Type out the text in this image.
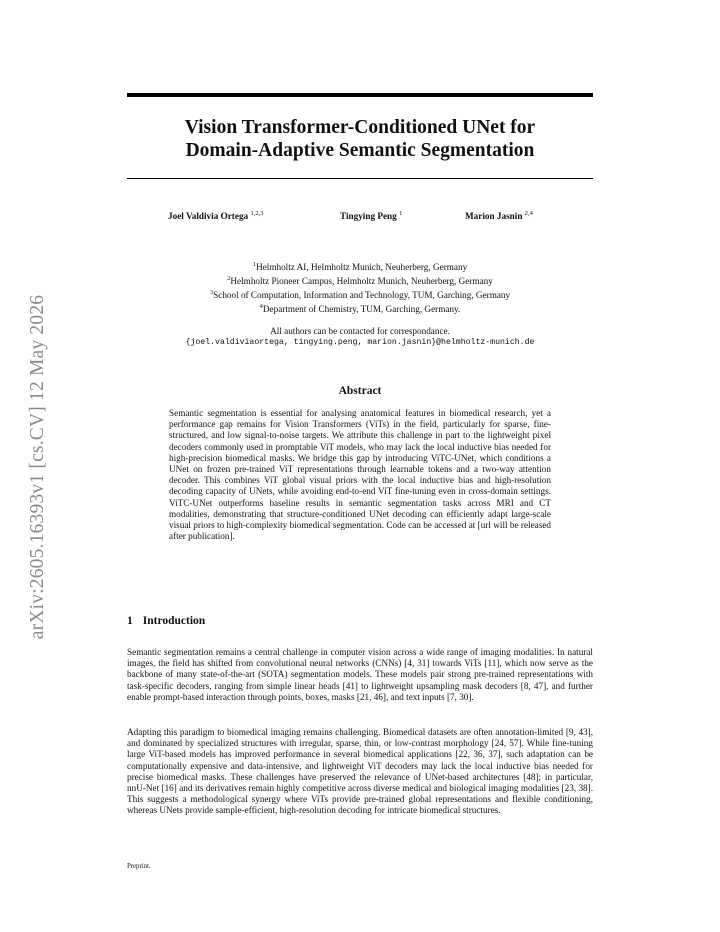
arXiv:2605.16393v1 [cs.CV] 12 May 2026
Vision Transformer-Conditioned UNet for
Domain-Adaptive Semantic Segmentation
Joel Valdivia Ortega $^{1,2,3}$	Tingying Peng $^1$	Marion Jasnin $^{2,4}$
$^1$Helmholtz AI, Helmholtz Munich, Neuherberg, Germany
$^2$Helmholtz Pioneer Campus, Helmholtz Munich, Neuherberg, Germany
$^3$School of Computation, Information and Technology, TUM, Garching, Germany
$^4$Department of Chemistry, TUM, Garching, Germany.
All authors can be contacted for correspondance.
{joel.valdiviaortega, tingying.peng, marion.jasnin}@helmholtz-munich.de
Abstract

Semantic segmentation is essential for analysing anatomical features in biomedical research, yet a performance gap remains for Vision Transformers (ViTs) in the field, particularly for sparse, fine-structured, and low signal-to-noise targets. We attribute this challenge in part to the lightweight pixel decoders commonly used in promptable ViT models, who may lack the local inductive bias needed for high-precision biomedical masks. We bridge this gap by introducing ViTC-UNet, which conditions a UNet on frozen pre-trained ViT representations through learnable tokens and a two-way attention decoder. This combines ViT global visual priors with the local inductive bias and high-resolution decoding capacity of UNets, while avoiding end-to-end ViT fine-tuning even in cross-domain settings. ViTC-UNet outperforms baseline results in semantic segmentation tasks across MRI and CT modalities, demonstrating that structure-conditioned UNet decoding can efficiently adapt large-scale visual priors to high-complexity biomedical segmentation. Code can be accessed at [url will be released after publication].

1 Introduction

Semantic segmentation remains a central challenge in computer vision across a wide range of imaging modalities. In natural images, the field has shifted from convolutional neural networks (CNNs) [4, 31] towards ViTs [11], which now serve as the backbone of many state-of-the-art (SOTA) segmentation models. These models pair strong pre-trained representations with task-specific decoders, ranging from simple linear heads [41] to lightweight upsampling mask decoders [8, 47], and further enable prompt-based interaction through points, boxes, masks [21, 46], and text inputs [7, 30].

Adapting this paradigm to biomedical imaging remains challenging. Biomedical datasets are often annotation-limited [9, 43], and dominated by specialized structures with irregular, sparse, thin, or low-contrast morphology [24, 57]. While fine-tuning large ViT-based models has improved performance in several biomedical applications [22, 36, 37], such adaptation can be computationally expensive and data-intensive, and lightweight ViT decoders may lack the local inductive bias needed for precise biomedical masks. These challenges have preserved the relevance of UNet-based architectures [48]; in particular, nnU-Net [16] and its derivatives remain highly competitive across diverse medical and biological imaging modalities [23, 38]. This suggests a methodological synergy where ViTs provide pre-trained global representations and flexible conditioning, whereas UNets provide sample-efficient, high-resolution decoding for intricate biomedical structures.

Preprint.
